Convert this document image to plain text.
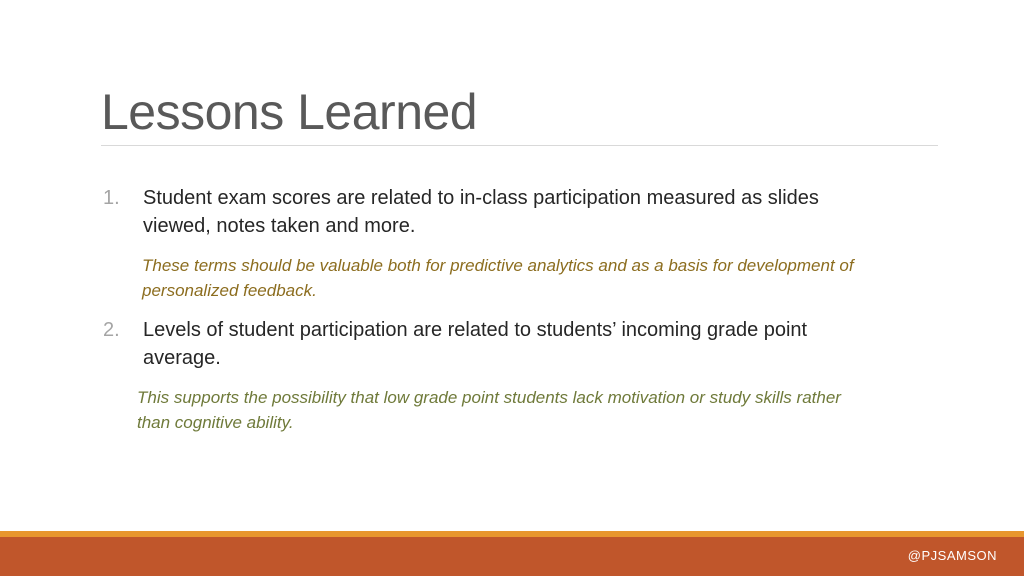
Lessons Learned
1. Student exam scores are related to in-class participation measured as slides viewed, notes taken and more.
These terms should be valuable both for predictive analytics and as a basis for development of personalized feedback.
2. Levels of student participation are related to students’ incoming grade point average.
This supports the possibility that low grade point students lack motivation or study skills rather than cognitive ability.
@PJSAMSON
